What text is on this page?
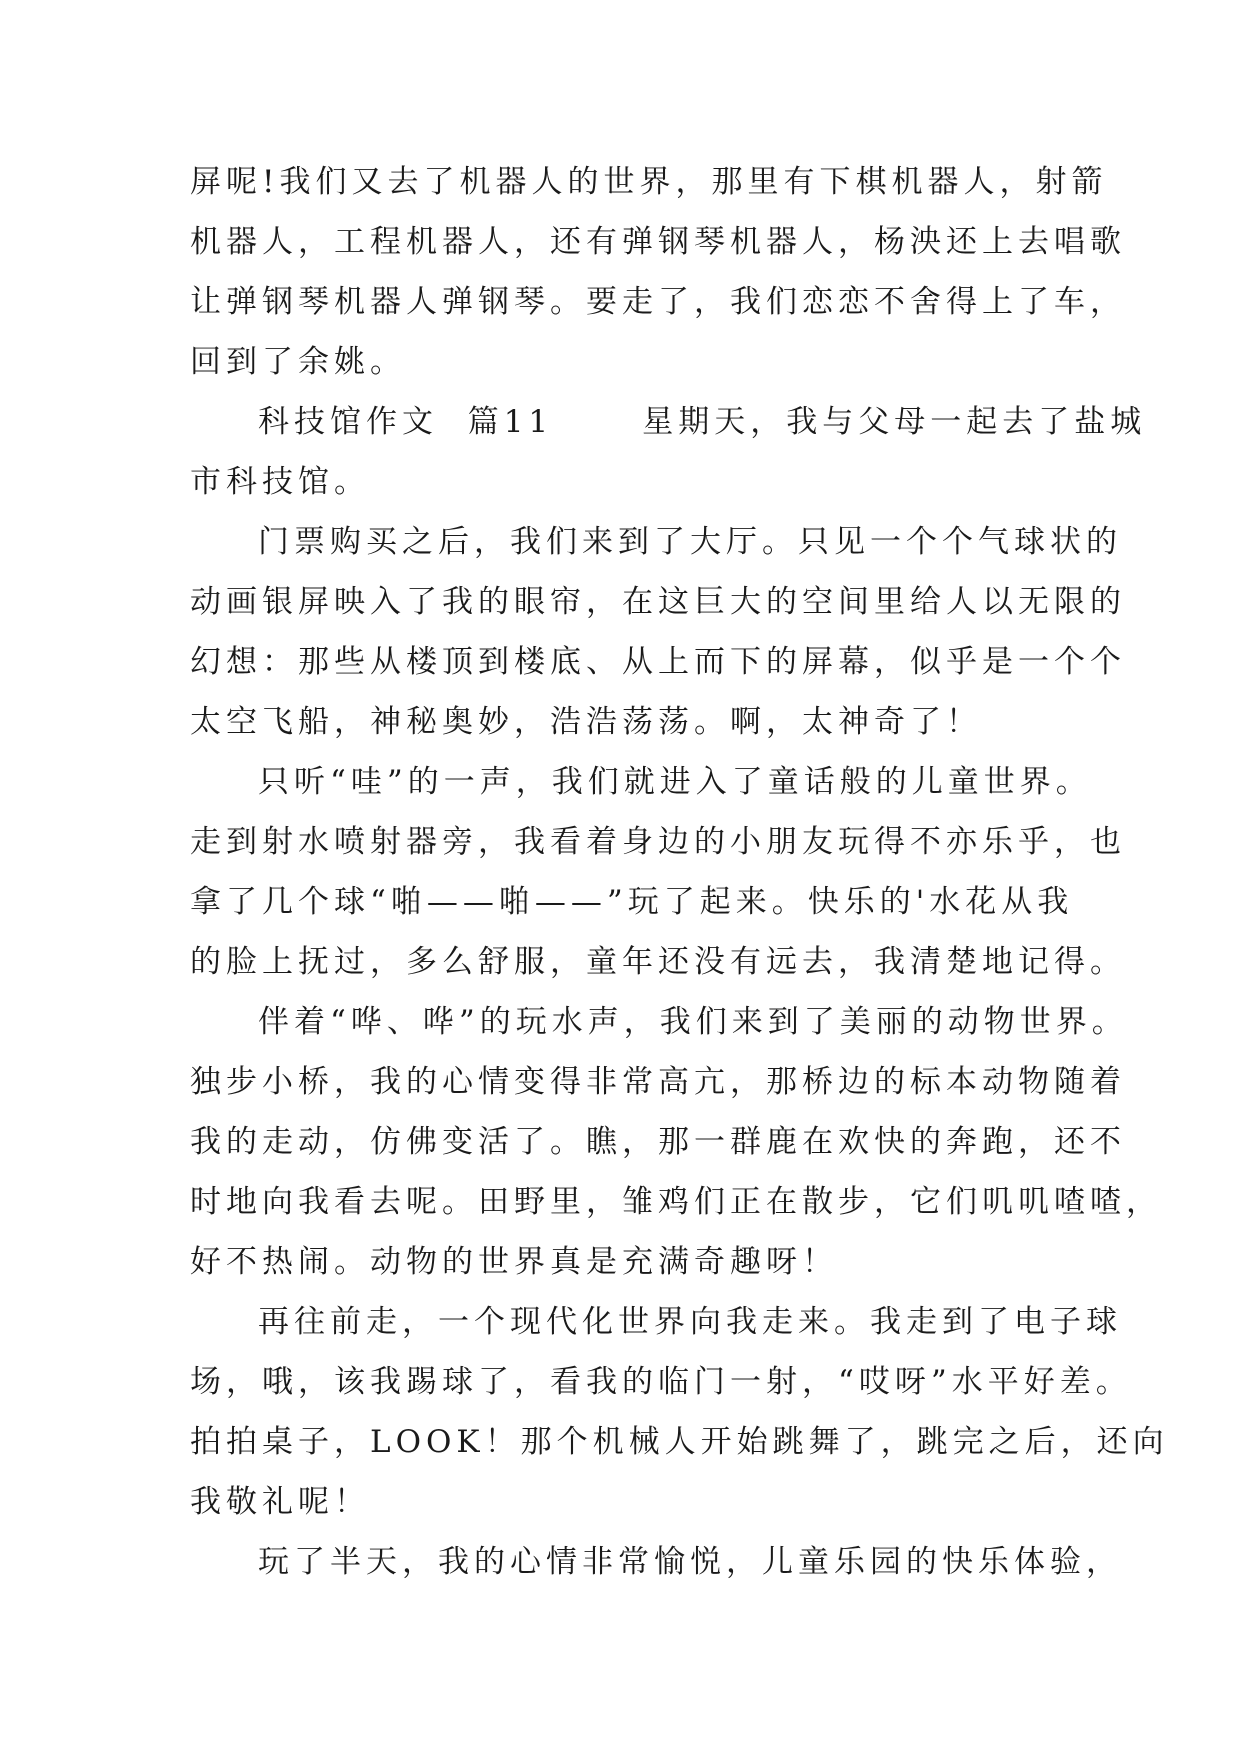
屏呢!我们又去了机器人的世界，那里有下棋机器人，射箭
机器人，工程机器人，还有弹钢琴机器人，杨泱还上去唱歌
让弹钢琴机器人弹钢琴。要走了，我们恋恋不舍得上了车，
回到了余姚。
科技馆作文  篇11      星期天，我与父母一起去了盐城
市科技馆。
门票购买之后，我们来到了大厅。只见一个个气球状的
动画银屏映入了我的眼帘，在这巨大的空间里给人以无限的
幻想：那些从楼顶到楼底、从上而下的屏幕，似乎是一个个
太空飞船，神秘奥妙，浩浩荡荡。啊，太神奇了！
只听“哇”的一声，我们就进入了童话般的儿童世界。
走到射水喷射器旁，我看着身边的小朋友玩得不亦乐乎，也
拿了几个球“啪——啪——”玩了起来。快乐的'水花从我
的脸上抚过，多么舒服，童年还没有远去，我清楚地记得。
伴着“哗、哗”的玩水声，我们来到了美丽的动物世界。
独步小桥，我的心情变得非常高亢，那桥边的标本动物随着
我的走动，仿佛变活了。瞧，那一群鹿在欢快的奔跑，还不
时地向我看去呢。田野里，雏鸡们正在散步，它们叽叽喳喳，
好不热闹。动物的世界真是充满奇趣呀！
再往前走，一个现代化世界向我走来。我走到了电子球
场，哦，该我踢球了，看我的临门一射，“哎呀”水平好差。
拍拍桌子，LOOK！那个机械人开始跳舞了，跳完之后，还向
我敬礼呢！
玩了半天，我的心情非常愉悦，儿童乐园的快乐体验，
